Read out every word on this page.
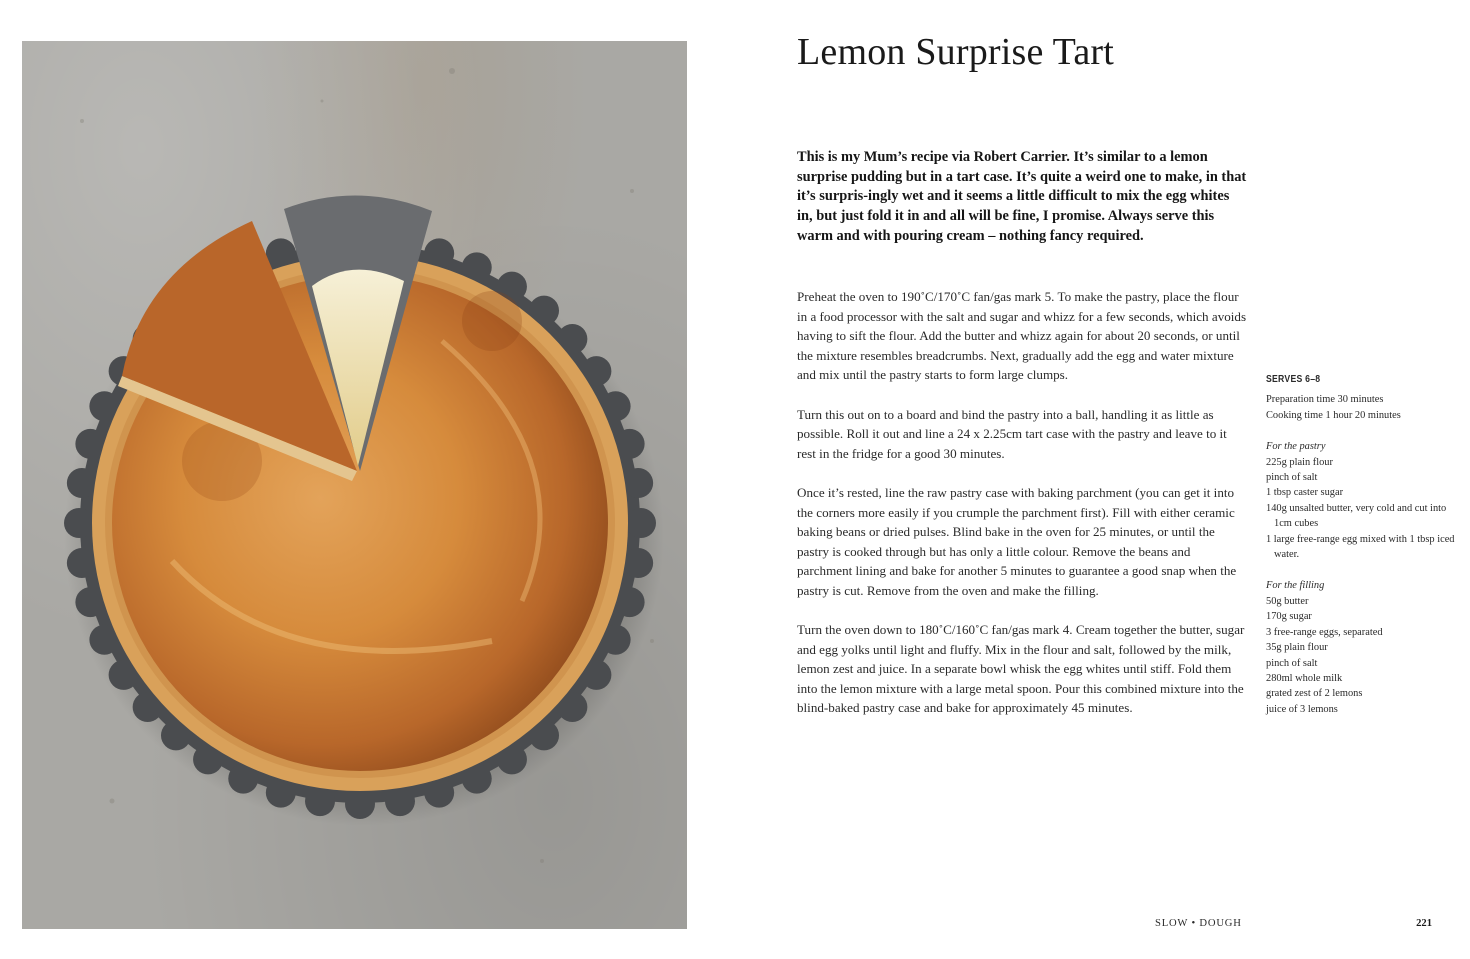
Lemon Surprise Tart

This is my Mum’s recipe via Robert Carrier. It’s similar to a lemon surprise pudding but in a tart case. It’s quite a weird one to make, in that it’s surpris-ingly wet and it seems a little difficult to mix the egg whites in, but just fold it in and all will be fine, I promise. Always serve this warm and with pouring cream – nothing fancy required.

Preheat the oven to 190˚C/170˚C fan/gas mark 5. To make the pastry, place the flour in a food processor with the salt and sugar and whizz for a few seconds, which avoids having to sift the flour. Add the butter and whizz again for about 20 seconds, or until the mixture resembles breadcrumbs. Next, gradually add the egg and water mixture and mix until the pastry starts to form large clumps.

Turn this out on to a board and bind the pastry into a ball, handling it as little as possible. Roll it out and line a 24 x 2.25cm tart case with the pastry and leave to it rest in the fridge for a good 30 minutes.

Once it’s rested, line the raw pastry case with baking parchment (you can get it into the corners more easily if you crumple the parchment first). Fill with either ceramic baking beans or dried pulses. Blind bake in the oven for 25 minutes, or until the pastry is cooked through but has only a little colour. Remove the beans and parchment lining and bake for another 5 minutes to guarantee a good snap when the pastry is cut. Remove from the oven and make the filling.

Turn the oven down to 180˚C/160˚C fan/gas mark 4. Cream together the butter, sugar and egg yolks until light and fluffy. Mix in the flour and salt, followed by the milk, lemon zest and juice. In a separate bowl whisk the egg whites until stiff. Fold them into the lemon mixture with a large metal spoon. Pour this combined mixture into the blind-baked pastry case and bake for approximately 45 minutes.

SERVES 6–8

Preparation time 30 minutes

Cooking time 1 hour 20 minutes

For the pastry

225g plain flour
pinch of salt
1 tbsp caster sugar
140g unsalted butter, very cold and cut into 1cm cubes
1 large free-range egg mixed with 1 tbsp iced water.

For the filling

50g butter
170g sugar
3 free-range eggs, separated
35g plain flour
pinch of salt
280ml whole milk
grated zest of 2 lemons
juice of 3 lemons
SLOW • DOUGH	221
